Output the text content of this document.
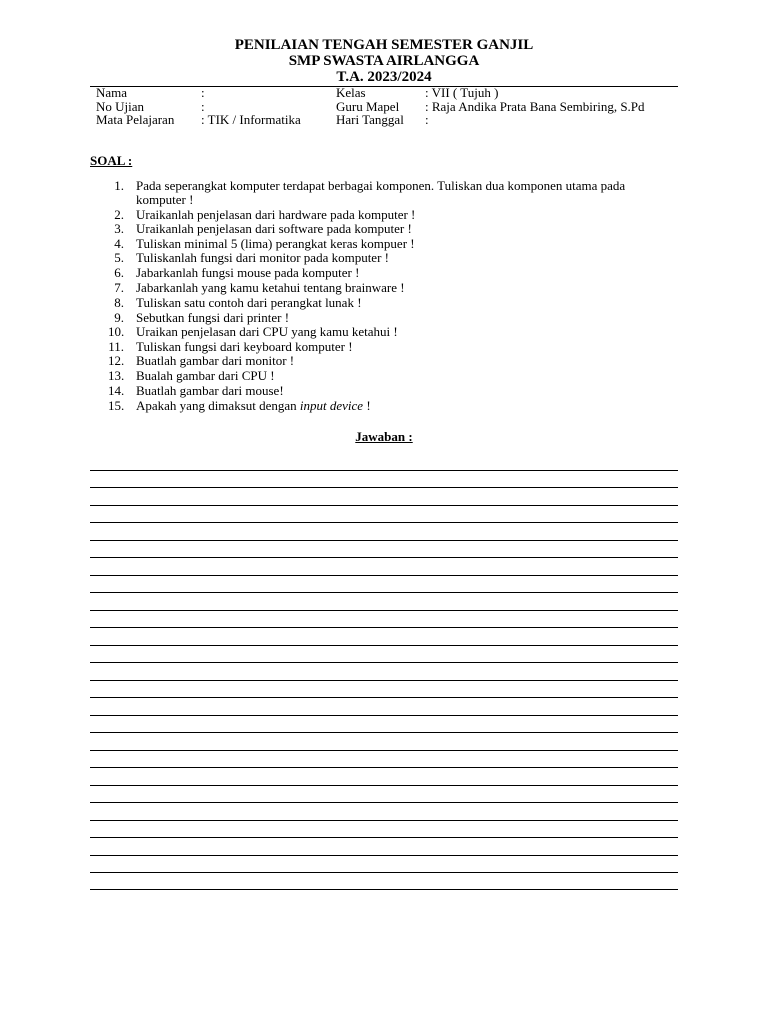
PENILAIAN TENGAH SEMESTER GANJIL
SMP SWASTA AIRLANGGA
T.A. 2023/2024
Nama	:	Kelas	: VII ( Tujuh )
No Ujian	:	Guru Mapel : Raja Andika Prata Bana Sembiring, S.Pd
Mata Pelajaran : TIK / Informatika	Hari Tanggal :
SOAL :
1. Pada seperangkat komputer terdapat berbagai komponen. Tuliskan dua komponen utama pada komputer !
2. Uraikanlah penjelasan dari hardware pada komputer !
3. Uraikanlah penjelasan dari software pada komputer !
4. Tuliskan minimal 5 (lima) perangkat keras kompuer !
5. Tuliskanlah fungsi dari monitor pada komputer !
6. Jabarkanlah fungsi mouse pada komputer !
7. Jabarkanlah yang kamu ketahui tentang brainware !
8. Tuliskan satu contoh dari perangkat lunak !
9. Sebutkan fungsi dari printer !
10. Uraikan penjelasan dari CPU yang kamu ketahui !
11. Tuliskan fungsi dari keyboard komputer !
12. Buatlah gambar dari monitor !
13. Bualah gambar dari CPU !
14. Buatlah gambar dari mouse!
15. Apakah yang dimaksut dengan input device !
Jawaban :
